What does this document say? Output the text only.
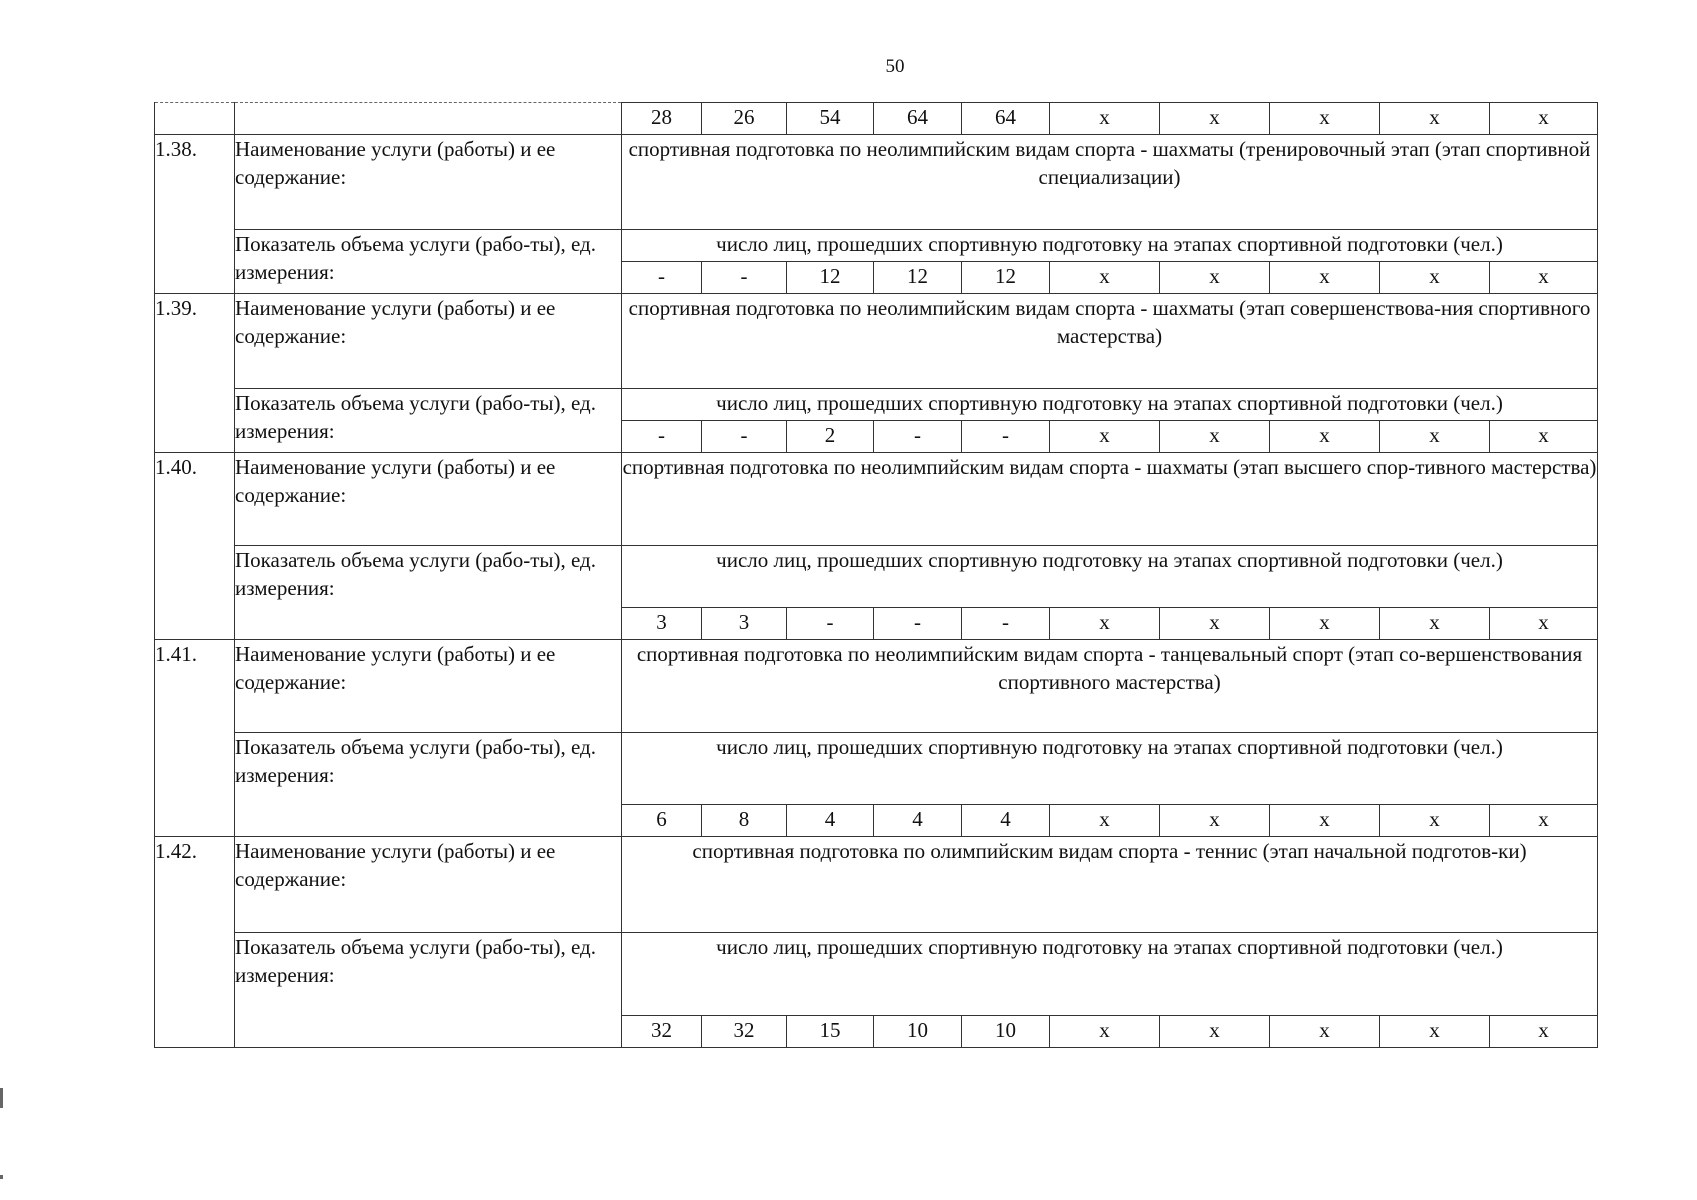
50
		28	26	54	64	64	x	x	x	x	x
1.38.	Наименование услуги (работы) и ее содержание:	спортивная подготовка по неолимпийским видам спорта - шахматы (тренировочный этап (этап спортивной специализации)									
	Показатель объема услуги (рабо-ты), ед. измерения:	число лиц, прошедших спортивную подготовку на этапах спортивной подготовки (чел.)									
		-	-	12	12	12	x	x	x	x	x
1.39.	Наименование услуги (работы) и ее содержание:	спортивная подготовка по неолимпийским видам спорта - шахматы (этап совершенствова-ния спортивного мастерства)									
	Показатель объема услуги (рабо-ты), ед. измерения:	число лиц, прошедших спортивную подготовку на этапах спортивной подготовки (чел.)									
		-	-	2	-	-	x	x	x	x	x
1.40.	Наименование услуги (работы) и ее содержание:	спортивная подготовка по неолимпийским видам спорта - шахматы (этап высшего спор-тивного мастерства)									
	Показатель объема услуги (рабо-ты), ед. измерения:	число лиц, прошедших спортивную подготовку на этапах спортивной подготовки (чел.)									
		3	3	-	-	-	x	x	x	x	x
1.41.	Наименование услуги (работы) и ее содержание:	спортивная подготовка по неолимпийским видам спорта - танцевальный спорт (этап со-вершенствования спортивного мастерства)									
	Показатель объема услуги (рабо-ты), ед. измерения:	число лиц, прошедших спортивную подготовку на этапах спортивной подготовки (чел.)									
		6	8	4	4	4	x	x	x	x	x
1.42.	Наименование услуги (работы) и ее содержание:	спортивная подготовка по олимпийским видам спорта - теннис (этап начальной подготов-ки)									
	Показатель объема услуги (рабо-ты), ед. измерения:	число лиц, прошедших спортивную подготовку на этапах спортивной подготовки (чел.)									
		32	32	15	10	10	x	x	x	x	x
